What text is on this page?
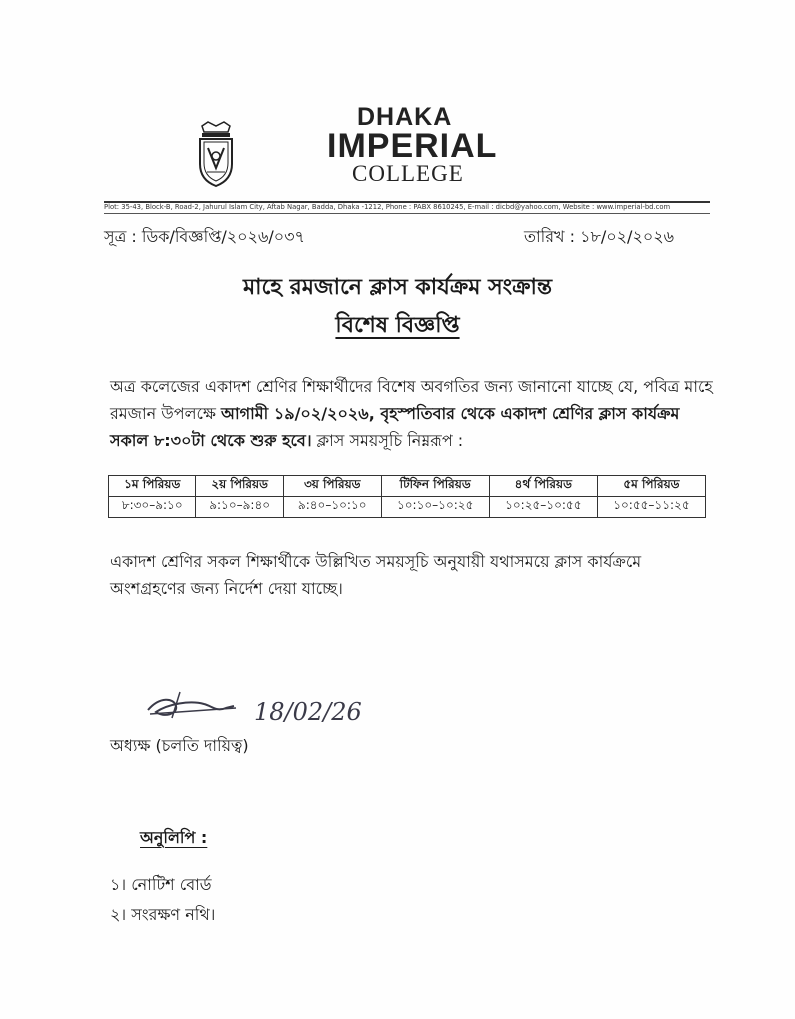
DHAKA
IMPERIAL
COLLEGE
Plot: 35-43, Block-B, Road-2, Jahurul Islam City, Aftab Nagar, Badda, Dhaka -1212, Phone : PABX 8610245, E-mail : dicbd@yahoo.com, Website : www.imperial-bd.com
সূত্র : ডিক/বিজ্ঞপ্তি/২০২৬/০৩৭	তারিখ : ১৮/০২/২০২৬
মাহে রমজানে ক্লাস কার্যক্রম সংক্রান্ত
বিশেষ বিজ্ঞপ্তি
অত্র কলেজের একাদশ শ্রেণির শিক্ষার্থীদের বিশেষ অবগতির জন্য জানানো যাচ্ছে যে, পবিত্র মাহে রমজান উপলক্ষে আগামী ১৯/০২/২০২৬, বৃহস্পতিবার থেকে একাদশ শ্রেণির ক্লাস কার্যক্রম সকাল ৮:৩০টা থেকে শুরু হবে। ক্লাস সময়সূচি নিম্নরূপ :
১ম পিরিয়ড	২য় পিরিয়ড	৩য় পিরিয়ড	টিফিন পিরিয়ড	৪র্থ পিরিয়ড	৫ম পিরিয়ড
৮:৩০–৯:১০	৯:১০–৯:৪০	৯:৪০–১০:১০	১০:১০–১০:২৫	১০:২৫–১০:৫৫	১০:৫৫–১১:২৫
একাদশ শ্রেণির সকল শিক্ষার্থীকে উল্লিখিত সময়সূচি অনুযায়ী যথাসময়ে ক্লাস কার্যক্রমে অংশগ্রহণের জন্য নির্দেশ দেয়া যাচ্ছে।
18/02/26
অধ্যক্ষ (চলতি দায়িত্ব)
অনুলিপি :
১। নোটিশ বোর্ড
২। সংরক্ষণ নথি।
